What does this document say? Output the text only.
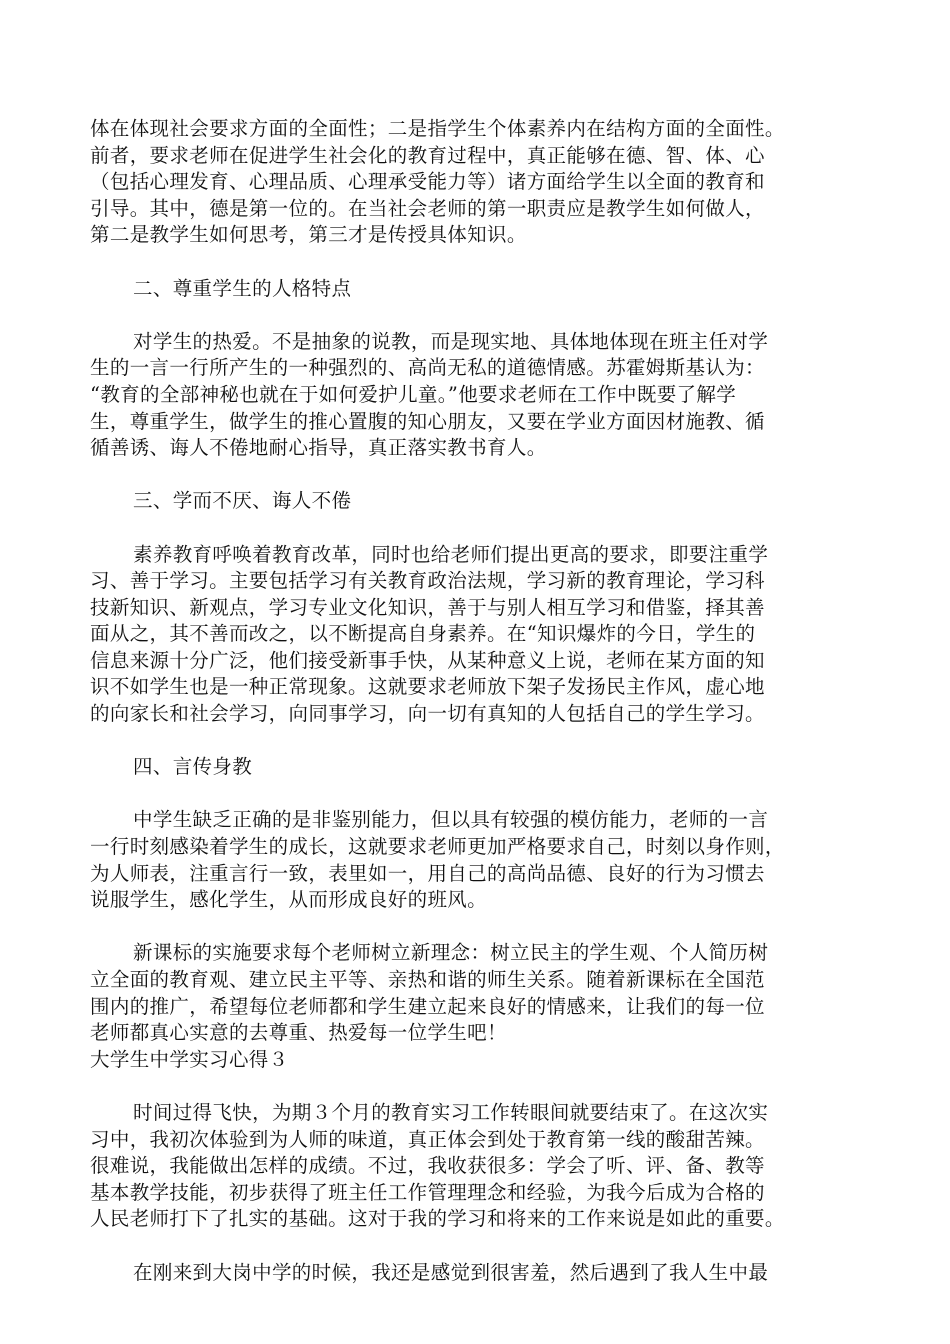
体在体现社会要求方面的全面性；二是指学生个体素养内在结构方面的全面性。
前者，要求老师在促进学生社会化的教育过程中，真正能够在德、智、体、心
（包括心理发育、心理品质、心理承受能力等）诸方面给学生以全面的教育和
引导。其中，德是第一位的。在当社会老师的第一职责应是教学生如何做人，
第二是教学生如何思考，第三才是传授具体知识。
二、尊重学生的人格特点
对学生的热爱。不是抽象的说教，而是现实地、具体地体现在班主任对学
生的一言一行所产生的一种强烈的、高尚无私的道德情感。苏霍姆斯基认为：
“教育的全部神秘也就在于如何爱护儿童。”他要求老师在工作中既要了解学
生，尊重学生，做学生的推心置腹的知心朋友，又要在学业方面因材施教、循
循善诱、诲人不倦地耐心指导，真正落实教书育人。
三、学而不厌、诲人不倦
素养教育呼唤着教育改革，同时也给老师们提出更高的要求，即要注重学
习、善于学习。主要包括学习有关教育政治法规，学习新的教育理论，学习科
技新知识、新观点，学习专业文化知识，善于与别人相互学习和借鉴，择其善
面从之，其不善而改之，以不断提高自身素养。在“知识爆炸的今日，学生的
信息来源十分广泛，他们接受新事手快，从某种意义上说，老师在某方面的知
识不如学生也是一种正常现象。这就要求老师放下架子发扬民主作风，虚心地
的向家长和社会学习，向同事学习，向一切有真知的人包括自己的学生学习。
四、言传身教
中学生缺乏正确的是非鉴别能力，但以具有较强的模仿能力，老师的一言
一行时刻感染着学生的成长，这就要求老师更加严格要求自己，时刻以身作则，
为人师表，注重言行一致，表里如一，用自己的高尚品德、良好的行为习惯去
说服学生，感化学生，从而形成良好的班风。
新课标的实施要求每个老师树立新理念：树立民主的学生观、个人简历树
立全面的教育观、建立民主平等、亲热和谐的师生关系。随着新课标在全国范
围内的推广，希望每位老师都和学生建立起来良好的情感来，让我们的每一位
老师都真心实意的去尊重、热爱每一位学生吧！
大学生中学实习心得３
时间过得飞快，为期３个月的教育实习工作转眼间就要结束了。在这次实
习中，我初次体验到为人师的味道，真正体会到处于教育第一线的酸甜苦辣。
很难说，我能做出怎样的成绩。不过，我收获很多：学会了听、评、备、教等
基本教学技能，初步获得了班主任工作管理理念和经验，为我今后成为合格的
人民老师打下了扎实的基础。这对于我的学习和将来的工作来说是如此的重要。
在刚来到大岗中学的时候，我还是感觉到很害羞，然后遇到了我人生中最
